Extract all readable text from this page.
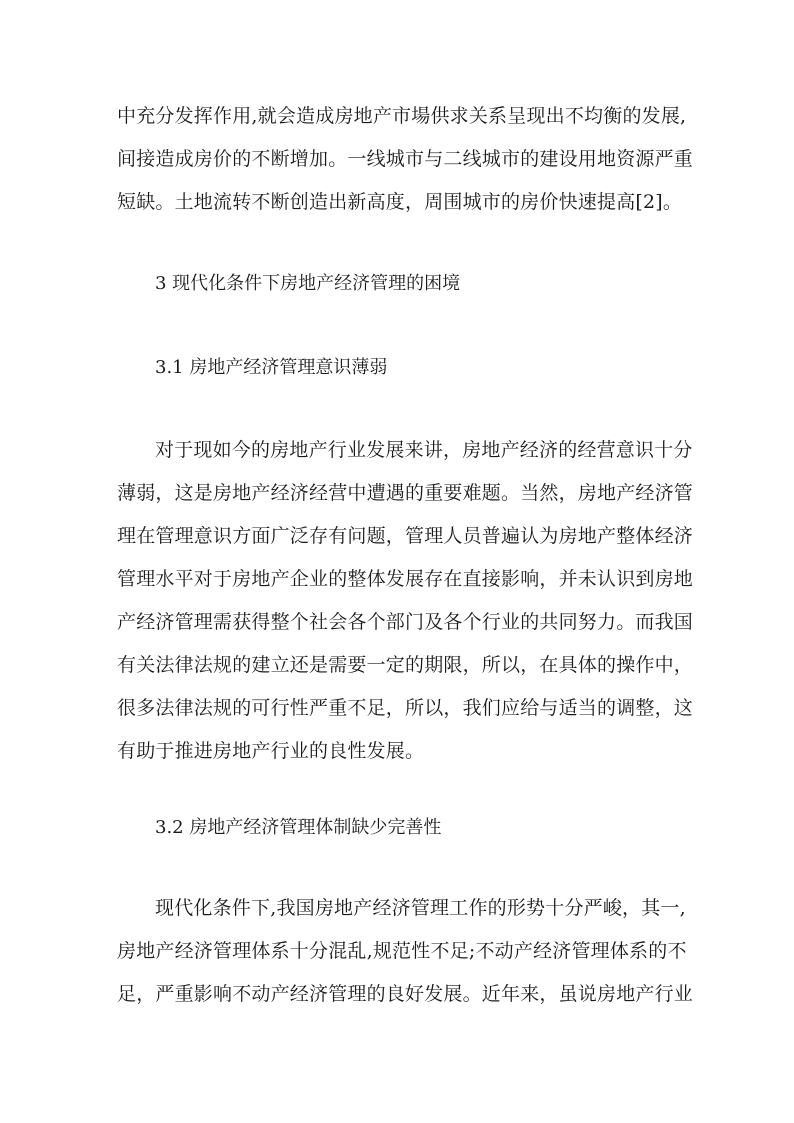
中充分发挥作用,就会造成房地产市場供求关系呈现出不均衡的发展,
间接造成房价的不断增加。一线城市与二线城市的建设用地资源严重
短缺。土地流转不断创造出新高度，周围城市的房价快速提高[2]。
3 现代化条件下房地产经济管理的困境
3.1 房地产经济管理意识薄弱
对于现如今的房地产行业发展来讲，房地产经济的经营意识十分
薄弱，这是房地产经济经营中遭遇的重要难题。当然，房地产经济管
理在管理意识方面广泛存有问题，管理人员普遍认为房地产整体经济
管理水平对于房地产企业的整体发展存在直接影响，并未认识到房地
产经济管理需获得整个社会各个部门及各个行业的共同努力。而我国
有关法律法规的建立还是需要一定的期限，所以，在具体的操作中，
很多法律法规的可行性严重不足，所以，我们应给与适当的调整，这
有助于推进房地产行业的良性发展。
3.2 房地产经济管理体制缺少完善性
现代化条件下,我国房地产经济管理工作的形势十分严峻，其一,
房地产经济管理体系十分混乱,规范性不足;不动产经济管理体系的不
足，严重影响不动产经济管理的良好发展。近年来，虽说房地产行业
